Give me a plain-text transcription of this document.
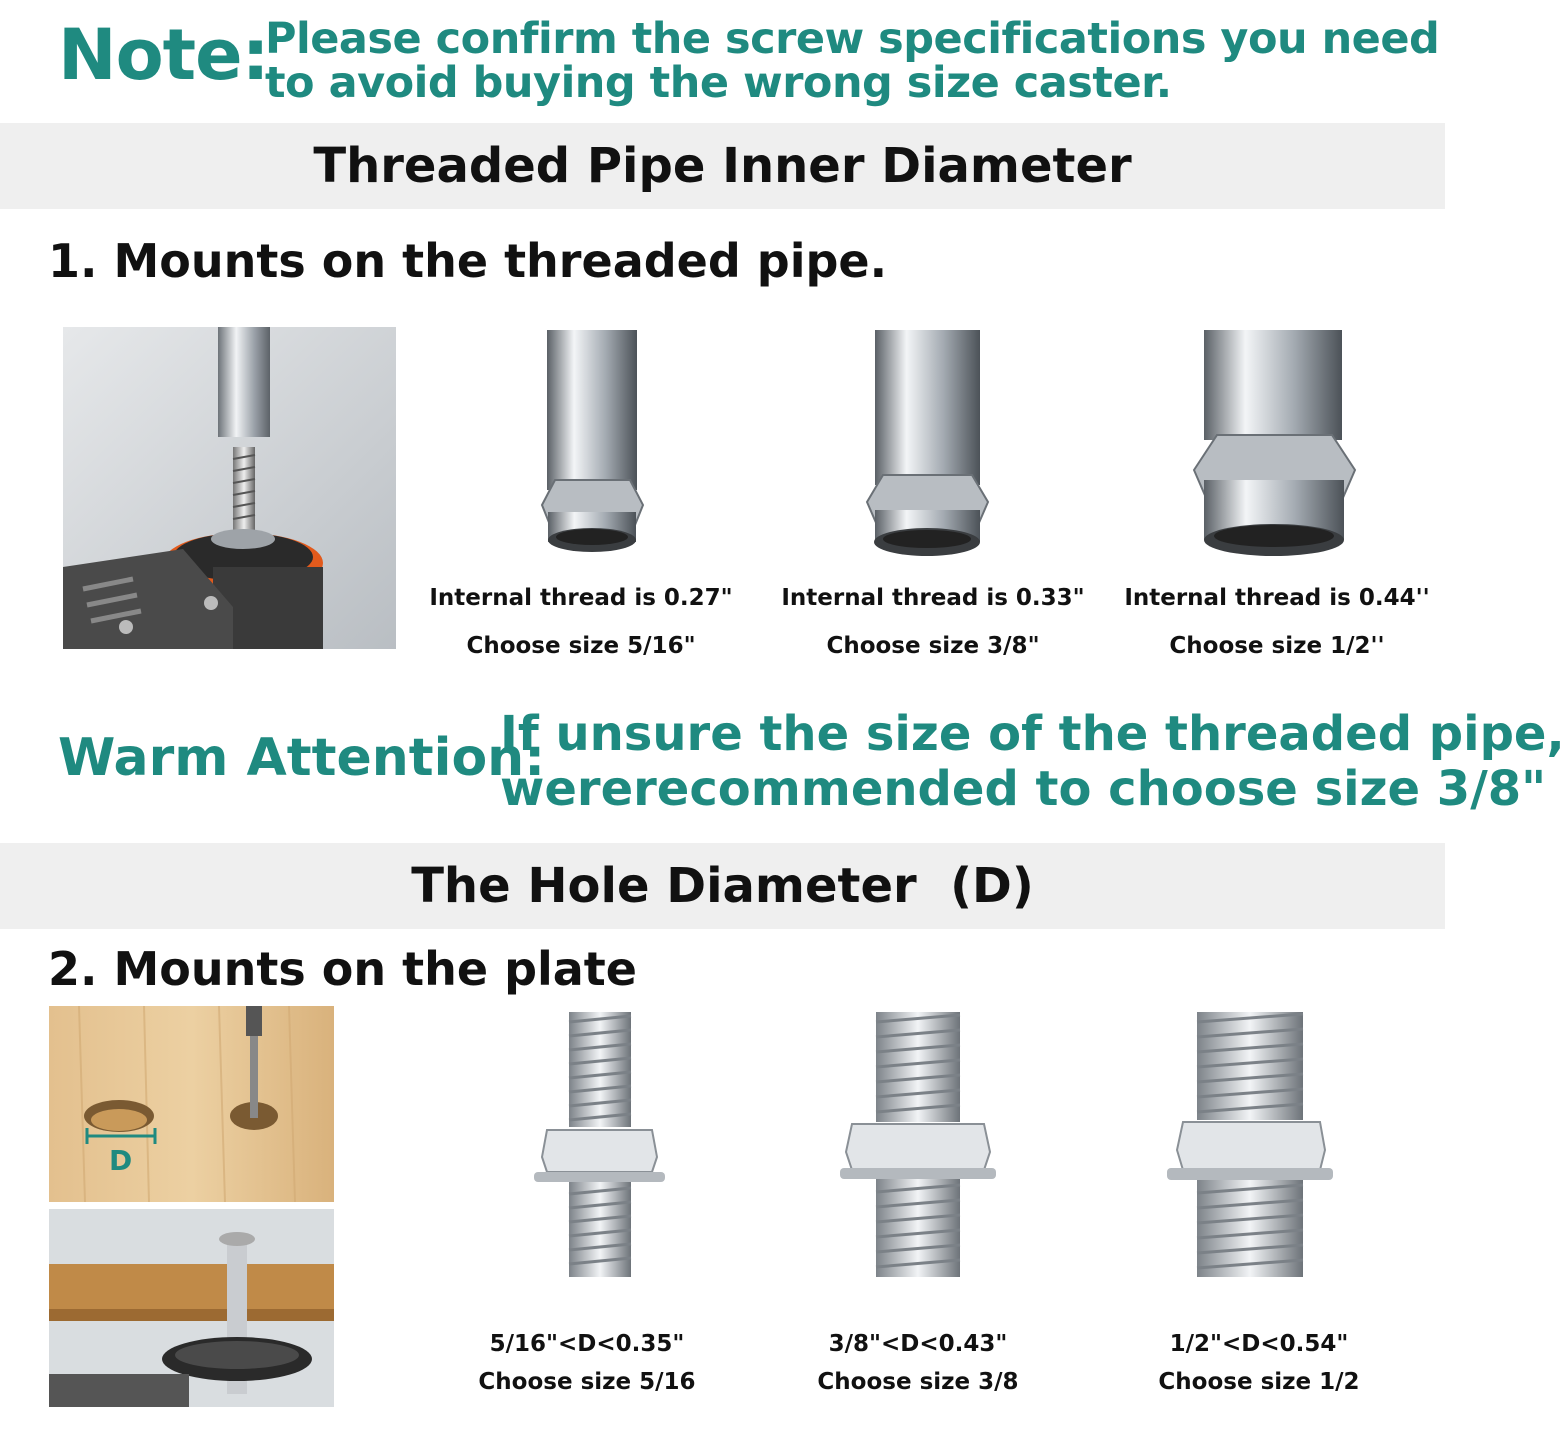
Note:
Please confirm the screw specifications you need
to avoid buying the wrong size caster.
Threaded Pipe Inner Diameter
1. Mounts on the threaded pipe.
Internal thread is 0.27"
Choose size 5/16"
Internal thread is 0.33"
Choose size 3/8"
Internal thread is 0.44''
Choose size 1/2''
Warm Attention:
If unsure the size of the threaded pipe,
wererecommended to choose size 3/8"
The Hole Diameter  (D)
2. Mounts on the plate
D
5/16"<D<0.35"
Choose size 5/16
3/8"<D<0.43"
Choose size 3/8
1/2"<D<0.54"
Choose size 1/2
